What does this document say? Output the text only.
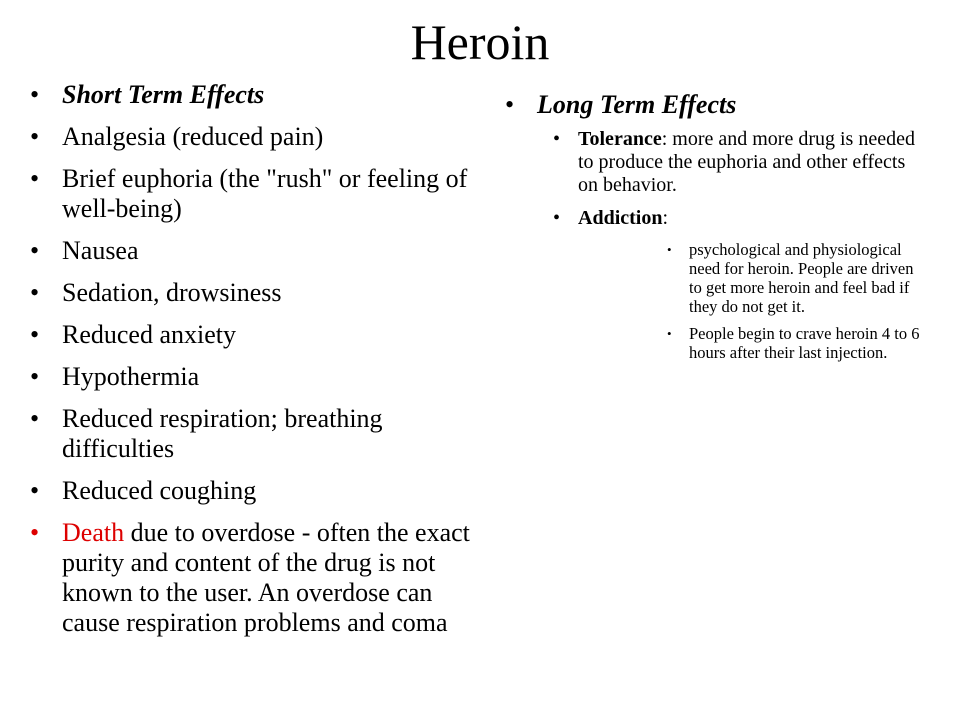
Heroin
• Short Term Effects
• Analgesia (reduced pain)
• Brief euphoria (the "rush" or feeling of well-being)
• Nausea
• Sedation, drowsiness
• Reduced anxiety
• Hypothermia
• Reduced respiration; breathing difficulties
• Reduced coughing
• Death due to overdose - often the exact purity and content of the drug is not known to the user. An overdose can cause respiration problems and coma
• Long Term Effects
• Tolerance: more and more drug is needed to produce the euphoria and other effects on behavior.
• Addiction:
• psychological and physiological need for heroin. People are driven to get more heroin and feel bad if they do not get it.
• People begin to crave heroin 4 to 6 hours after their last injection.
